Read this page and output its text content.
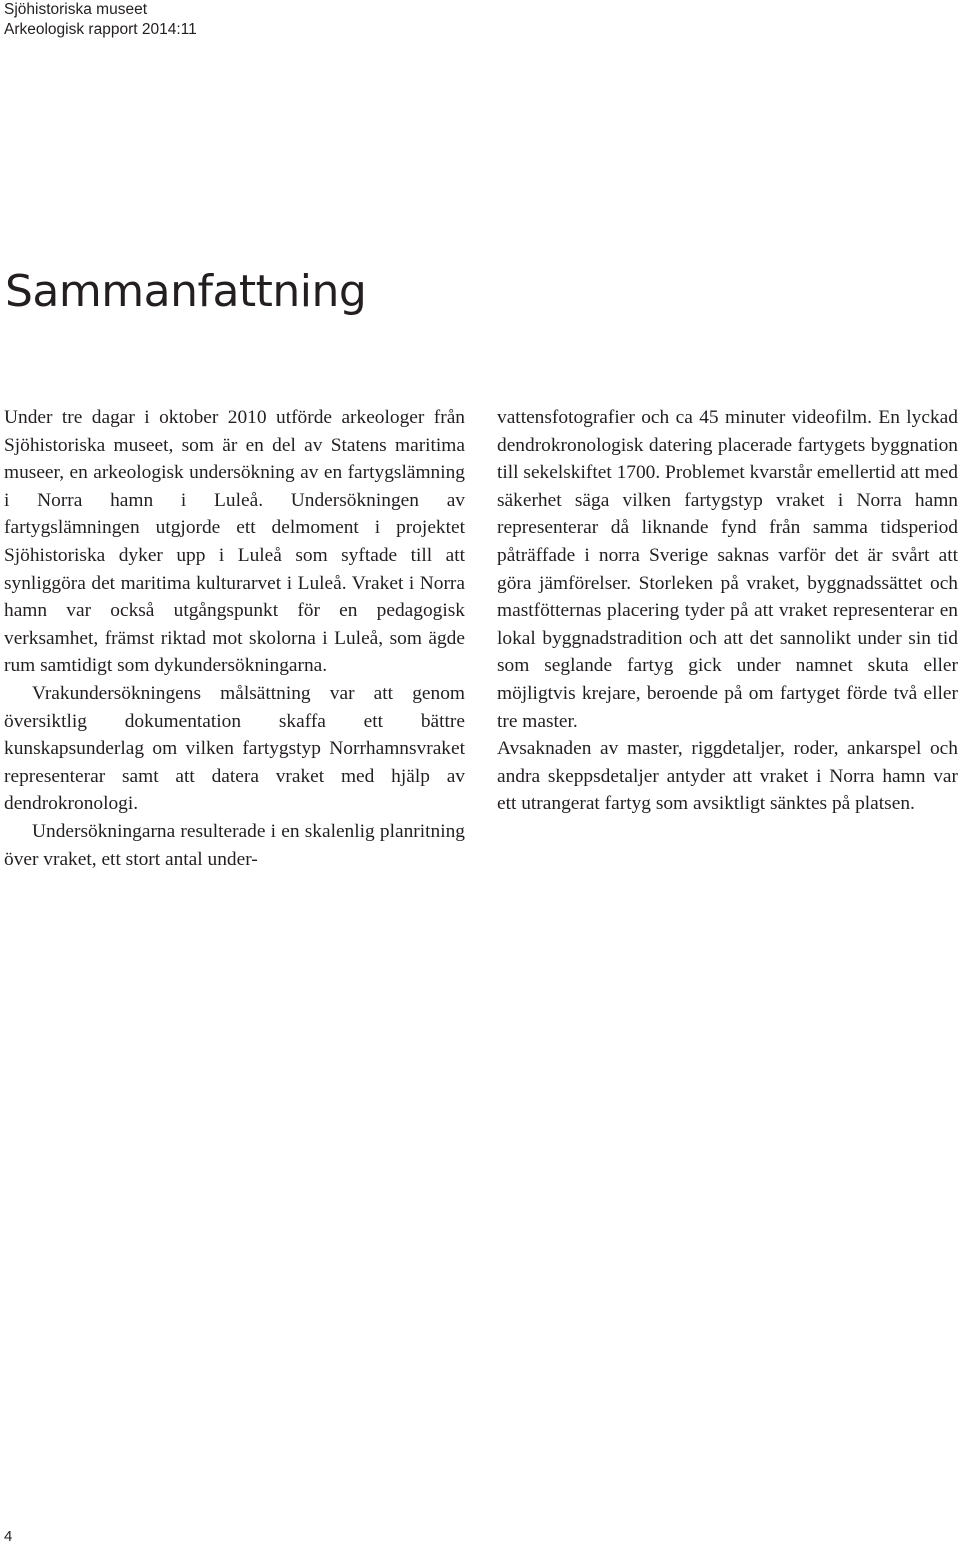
Sjöhistoriska museet
Arkeologisk rapport 2014:11
Sammanfattning

Under tre dagar i oktober 2010 utförde arkeologer från Sjöhistoriska museet, som är en del av Statens maritima museer, en arkeologisk undersökning av en fartygslämning i Norra hamn i Luleå. Undersökningen av fartygslämningen utgjorde ett delmoment i projektet Sjöhistoriska dyker upp i Luleå som syftade till att synliggöra det maritima kulturarvet i Luleå. Vraket i Norra hamn var också utgångspunkt för en pedagogisk verksamhet, främst riktad mot skolorna i Luleå, som ägde rum samtidigt som dykundersökningarna.

Vrakundersökningens målsättning var att genom översiktlig dokumentation skaffa ett bättre kunskapsunderlag om vilken fartygstyp Norrhamnsvraket representerar samt att datera vraket med hjälp av dendrokronologi.

Undersökningarna resulterade i en skalenlig planritning över vraket, ett stort antal under-

vattensfotografier och ca 45 minuter videofilm. En lyckad dendrokronologisk datering placerade fartygets byggnation till sekelskiftet 1700. Problemet kvarstår emellertid att med säkerhet säga vilken fartygstyp vraket i Norra hamn representerar då liknande fynd från samma tidsperiod påträffade i norra Sverige saknas varför det är svårt att göra jämförelser. Storleken på vraket, byggnadssättet och mastfötternas placering tyder på att vraket representerar en lokal byggnadstradition och att det sannolikt under sin tid som seglande fartyg gick under namnet skuta eller möjligtvis krejare, beroende på om fartyget förde två eller tre master.

Avsaknaden av master, riggdetaljer, roder, ankarspel och andra skeppsdetaljer antyder att vraket i Norra hamn var ett utrangerat fartyg som avsiktligt sänktes på platsen.

4
